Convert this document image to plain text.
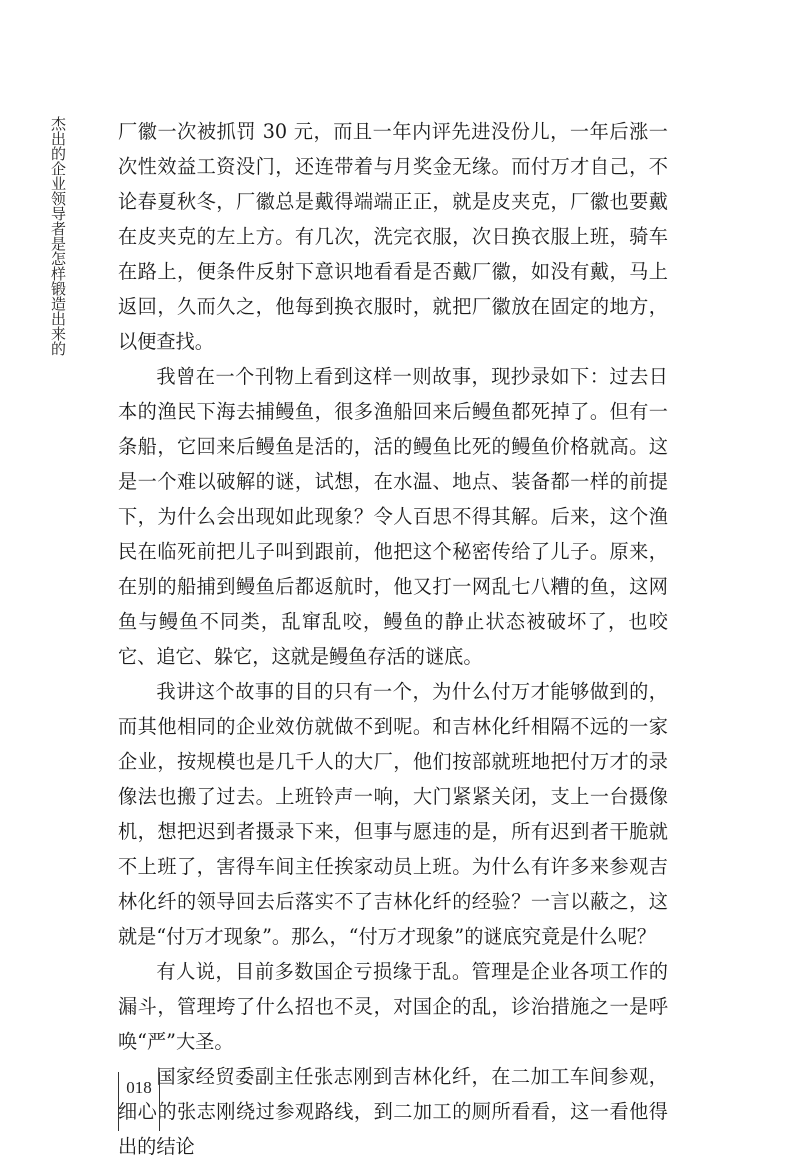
杰出的企业领导者是怎样锻造出来的	厂徽一次被抓罚 30 元，而且一年内评先进没份儿，一年后涨一次性效益工资没门，还连带着与月奖金无缘。而付万才自己，不论春夏秋冬，厂徽总是戴得端端正正，就是皮夹克，厂徽也要戴在皮夹克的左上方。有几次，洗完衣服，次日换衣服上班，骑车在路上，便条件反射下意识地看看是否戴厂徽，如没有戴，马上返回，久而久之，他每到换衣服时，就把厂徽放在固定的地方，以便查找。

我曾在一个刊物上看到这样一则故事，现抄录如下：过去日本的渔民下海去捕鳗鱼，很多渔船回来后鳗鱼都死掉了。但有一条船，它回来后鳗鱼是活的，活的鳗鱼比死的鳗鱼价格就高。这是一个难以破解的谜，试想，在水温、地点、装备都一样的前提下，为什么会出现如此现象？令人百思不得其解。后来，这个渔民在临死前把儿子叫到跟前，他把这个秘密传给了儿子。原来，在别的船捕到鳗鱼后都返航时，他又打一网乱七八糟的鱼，这网鱼与鳗鱼不同类，乱窜乱咬，鳗鱼的静止状态被破坏了，也咬它、追它、躲它，这就是鳗鱼存活的谜底。

我讲这个故事的目的只有一个，为什么付万才能够做到的，而其他相同的企业效仿就做不到呢。和吉林化纤相隔不远的一家企业，按规模也是几千人的大厂，他们按部就班地把付万才的录像法也搬了过去。上班铃声一响，大门紧紧关闭，支上一台摄像机，想把迟到者摄录下来，但事与愿违的是，所有迟到者干脆就不上班了，害得车间主任挨家动员上班。为什么有许多来参观吉林化纤的领导回去后落实不了吉林化纤的经验？一言以蔽之，这就是“付万才现象”。那么，“付万才现象”的谜底究竟是什么呢？

有人说，目前多数国企亏损缘于乱。管理是企业各项工作的漏斗，管理垮了什么招也不灵，对国企的乱，诊治措施之一是呼唤“严”大圣。

国家经贸委副主任张志刚到吉林化纤，在二加工车间参观，细心的张志刚绕过参观路线，到二加工的厕所看看，这一看他得出的结论

018
